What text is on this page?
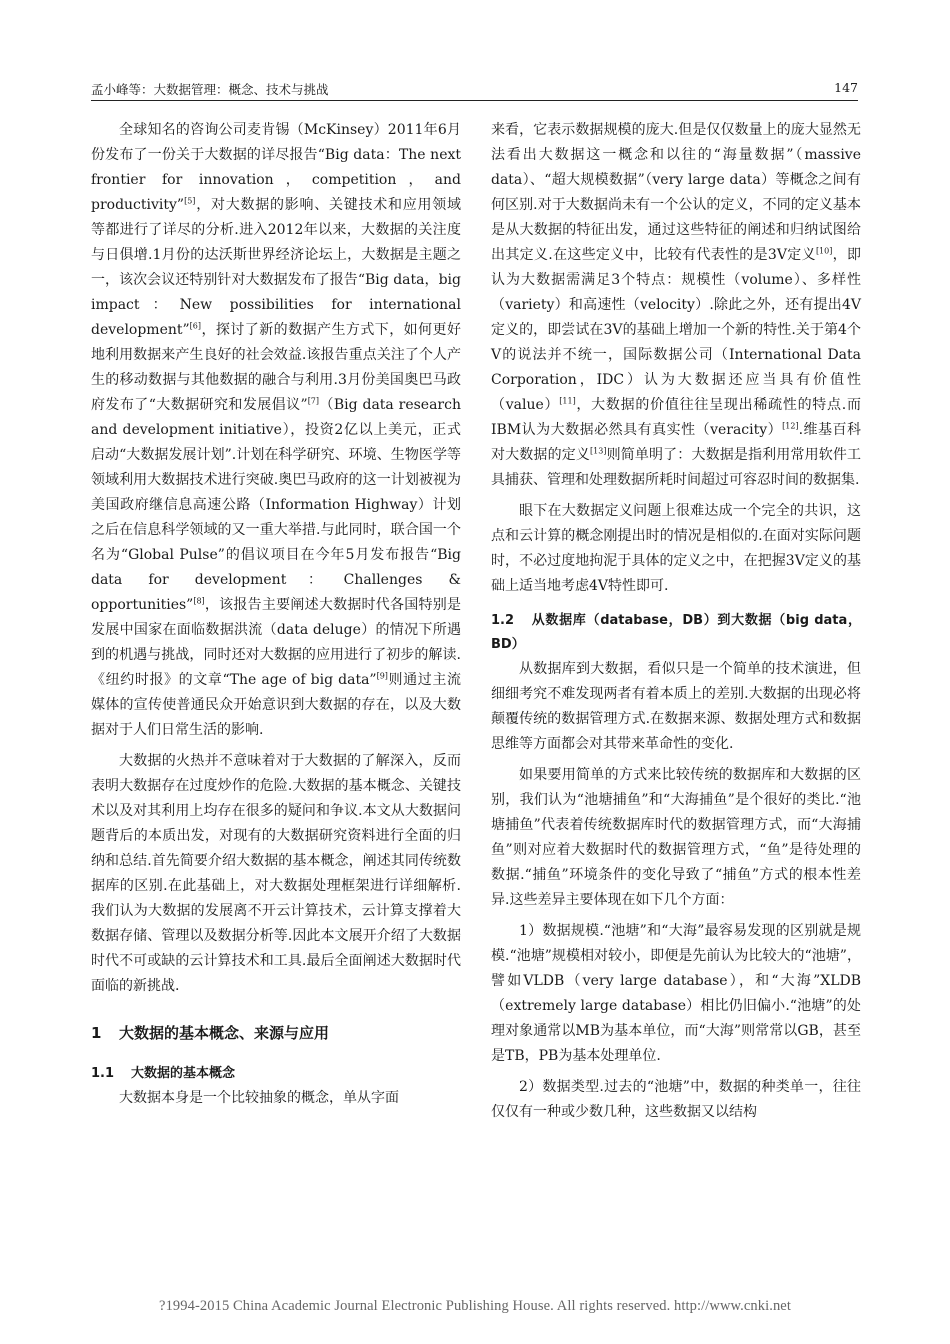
孟小峰等：大数据管理：概念、技术与挑战	147

全球知名的咨询公司麦肯锡（McKinsey）2011年6月份发布了一份关于大数据的详尽报告“Big data：The next frontier for innovation，competition，and productivity”[5]，对大数据的影响、关键技术和应用领域等都进行了详尽的分析.进入2012年以来，大数据的关注度与日俱增.1月份的达沃斯世界经济论坛上，大数据是主题之一，该次会议还特别针对大数据发布了报告“Big data，big impact：New possibilities for international development”[6]，探讨了新的数据产生方式下，如何更好地利用数据来产生良好的社会效益.该报告重点关注了个人产生的移动数据与其他数据的融合与利用.3月份美国奥巴马政府发布了“大数据研究和发展倡议”[7]（Big data research and development initiative），投资2亿以上美元，正式启动“大数据发展计划”.计划在科学研究、环境、生物医学等领域利用大数据技术进行突破.奥巴马政府的这一计划被视为美国政府继信息高速公路（Information Highway）计划之后在信息科学领域的又一重大举措.与此同时，联合国一个名为“Global Pulse”的倡议项目在今年5月发布报告“Big data for development：Challenges & opportunities”[8]，该报告主要阐述大数据时代各国特别是发展中国家在面临数据洪流（data deluge）的情况下所遇到的机遇与挑战，同时还对大数据的应用进行了初步的解读.《纽约时报》的文章“The age of big data”[9]则通过主流媒体的宣传使普通民众开始意识到大数据的存在，以及大数据对于人们日常生活的影响.

大数据的火热并不意味着对于大数据的了解深入，反而表明大数据存在过度炒作的危险.大数据的基本概念、关键技术以及对其利用上均存在很多的疑问和争议.本文从大数据问题背后的本质出发，对现有的大数据研究资料进行全面的归纳和总结.首先简要介绍大数据的基本概念，阐述其同传统数据库的区别.在此基础上，对大数据处理框架进行详细解析.我们认为大数据的发展离不开云计算技术，云计算支撑着大数据存储、管理以及数据分析等.因此本文展开介绍了大数据时代不可或缺的云计算技术和工具.最后全面阐述大数据时代面临的新挑战.

1 大数据的基本概念、来源与应用
1.1 大数据的基本概念

大数据本身是一个比较抽象的概念，单从字面

来看，它表示数据规模的庞大.但是仅仅数量上的庞大显然无法看出大数据这一概念和以往的“海量数据”（massive data）、“超大规模数据”（very large data）等概念之间有何区别.对于大数据尚未有一个公认的定义，不同的定义基本是从大数据的特征出发，通过这些特征的阐述和归纳试图给出其定义.在这些定义中，比较有代表性的是3V定义[10]，即认为大数据需满足3个特点：规模性（volume）、多样性（variety）和高速性（velocity）.除此之外，还有提出4V定义的，即尝试在3V的基础上增加一个新的特性.关于第4个V的说法并不统一，国际数据公司（International Data Corporation，IDC）认为大数据还应当具有价值性（value）[11]，大数据的价值往往呈现出稀疏性的特点.而IBM认为大数据必然具有真实性（veracity）[12].维基百科对大数据的定义[13]则简单明了：大数据是指利用常用软件工具捕获、管理和处理数据所耗时间超过可容忍时间的数据集.

眼下在大数据定义问题上很难达成一个完全的共识，这点和云计算的概念刚提出时的情况是相似的.在面对实际问题时，不必过度地拘泥于具体的定义之中，在把握3V定义的基础上适当地考虑4V特性即可.

1.2 从数据库（database，DB）到大数据（big data，BD）

从数据库到大数据，看似只是一个简单的技术演进，但细细考究不难发现两者有着本质上的差别.大数据的出现必将颠覆传统的数据管理方式.在数据来源、数据处理方式和数据思维等方面都会对其带来革命性的变化.

如果要用简单的方式来比较传统的数据库和大数据的区别，我们认为“池塘捕鱼”和“大海捕鱼”是个很好的类比.“池塘捕鱼”代表着传统数据库时代的数据管理方式，而“大海捕鱼”则对应着大数据时代的数据管理方式，“鱼”是待处理的数据.“捕鱼”环境条件的变化导致了“捕鱼”方式的根本性差异.这些差异主要体现在如下几个方面：

1）数据规模.“池塘”和“大海”最容易发现的区别就是规模.“池塘”规模相对较小，即便是先前认为比较大的“池塘”，譬如VLDB（very large database），和“大海”XLDB（extremely large database）相比仍旧偏小.“池塘”的处理对象通常以MB为基本单位，而“大海”则常常以GB，甚至是TB，PB为基本处理单位.

2）数据类型.过去的“池塘”中，数据的种类单一，往往仅仅有一种或少数几种，这些数据又以结构

?1994-2015 China Academic Journal Electronic Publishing House. All rights reserved. http://www.cnki.net
